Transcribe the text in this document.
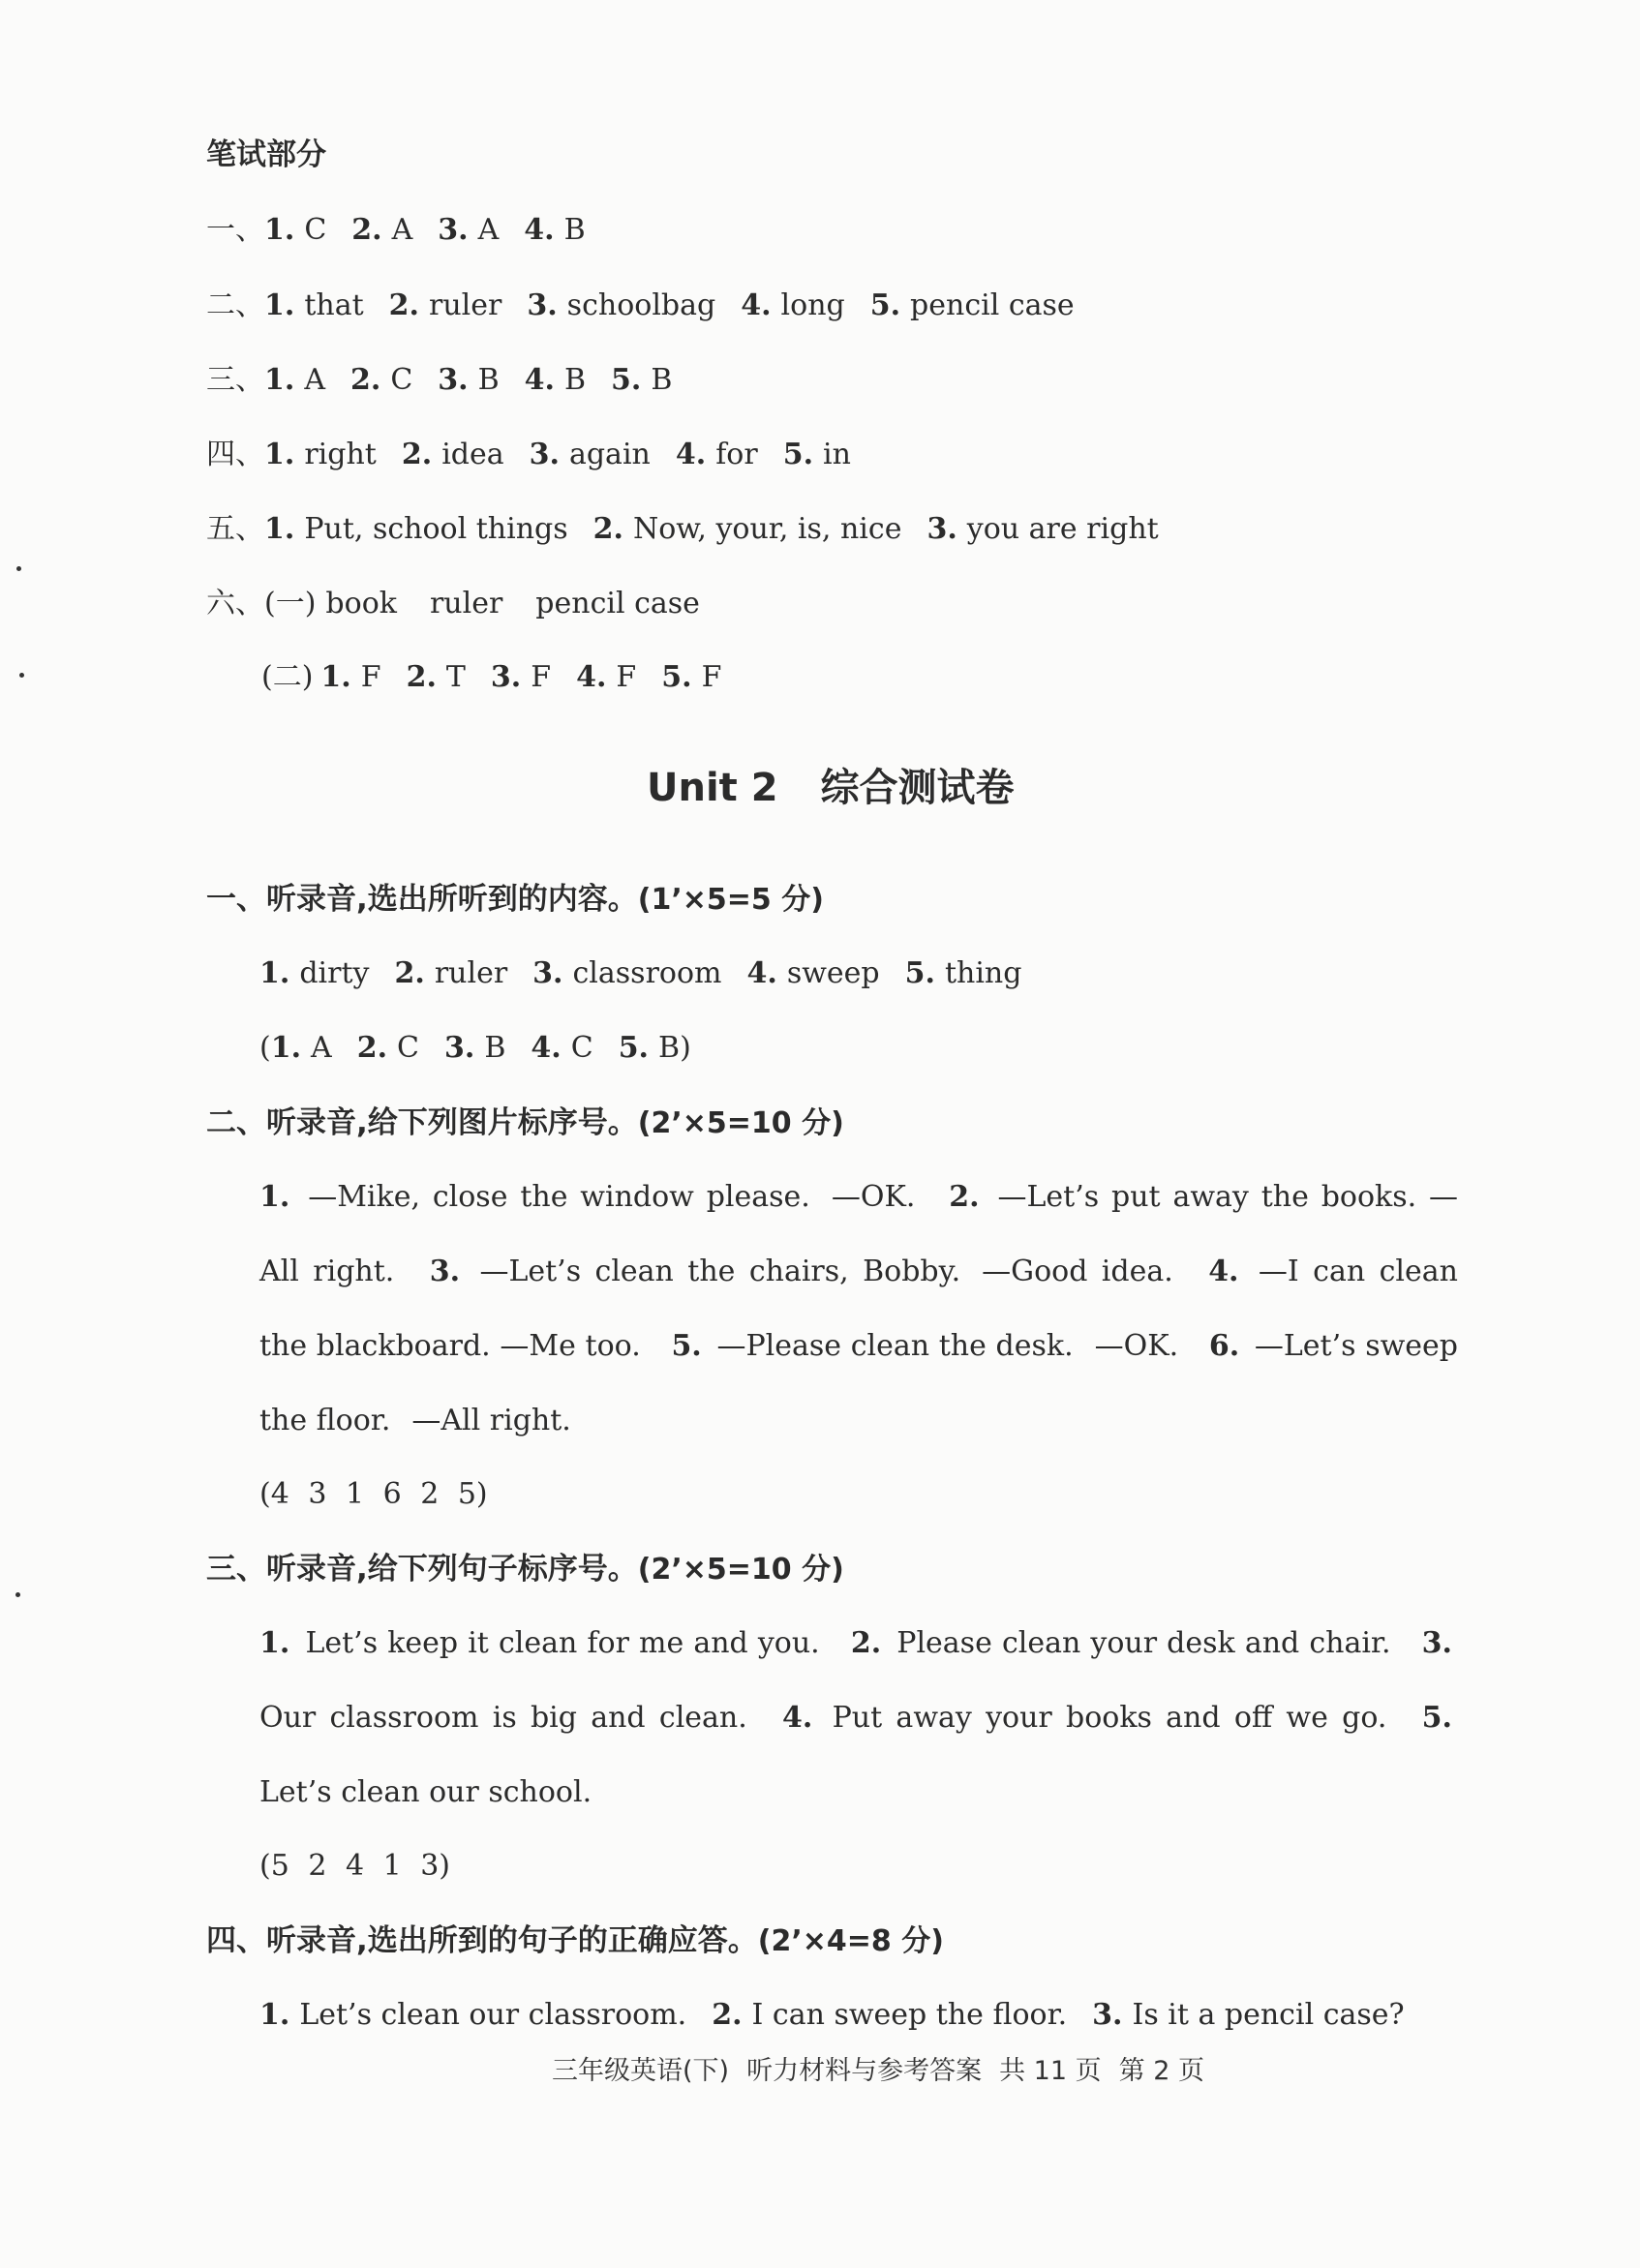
笔试部分
一、1. C 2. A 3. A 4. B
二、1. that 2. ruler 3. schoolbag 4. long 5. pencil case
三、1. A 2. C 3. B 4. B 5. B
四、1. right 2. idea 3. again 4. for 5. in
五、1. Put, school things 2. Now, your, is, nice 3. you are right
六、(一) book ruler pencil case
(二) 1. F 2. T 3. F 4. F 5. F
Unit 2 综合测试卷
一、听录音,选出所听到的内容。(1’×5=5 分)
1. dirty 2. ruler 3. classroom 4. sweep 5. thing
(1. A 2. C 3. B 4. C 5. B)
二、听录音,给下列图片标序号。(2’×5=10 分)
1. —Mike, close the window please. —OK. 2. —Let’s put away the books. —All right. 3. —Let’s clean the chairs, Bobby. —Good idea. 4. —I can clean the blackboard. —Me too. 5. —Please clean the desk. —OK. 6. —Let’s sweep the floor. —All right.
(4 3 1 6 2 5)
三、听录音,给下列句子标序号。(2’×5=10 分)
1. Let’s keep it clean for me and you. 2. Please clean your desk and chair. 3. Our classroom is big and clean. 4. Put away your books and off we go. 5. Let’s clean our school.
(5 2 4 1 3)
四、听录音,选出所到的句子的正确应答。(2’×4=8 分)
1. Let’s clean our classroom. 2. I can sweep the floor. 3. Is it a pencil case?
三年级英语(下) 听力材料与参考答案 共 11 页 第 2 页
